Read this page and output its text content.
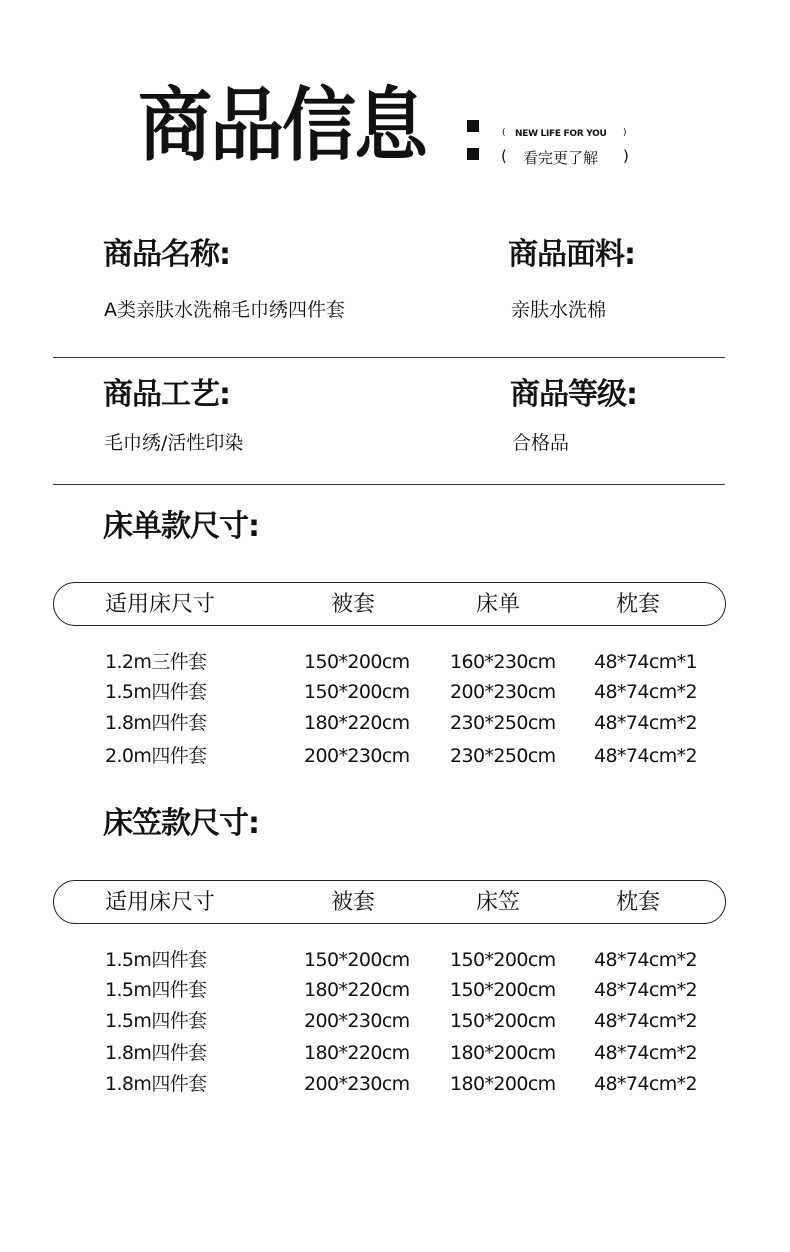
商品信息	( NEW LIFE FOR YOU )
( 看完更了解 )
商品名称:
A类亲肤水洗棉毛巾绣四件套
商品面料:
亲肤水洗棉
商品工艺:
毛巾绣/活性印染
商品等级:
合格品
床单款尺寸:
适用床尺寸	被套	床单	枕套
1.2m三件套	150*200cm 160*230cm 48*74cm*1
1.5m四件套	150*200cm 200*230cm 48*74cm*2
1.8m四件套	180*220cm 230*250cm 48*74cm*2
2.0m四件套	200*230cm 230*250cm 48*74cm*2
床笠款尺寸:
适用床尺寸	被套	床笠	枕套
1.5m四件套	150*200cm 150*200cm 48*74cm*2
1.5m四件套	180*220cm 150*200cm 48*74cm*2
1.5m四件套	200*230cm 150*200cm 48*74cm*2
1.8m四件套	180*220cm 180*200cm 48*74cm*2
1.8m四件套	200*230cm 180*200cm 48*74cm*2
